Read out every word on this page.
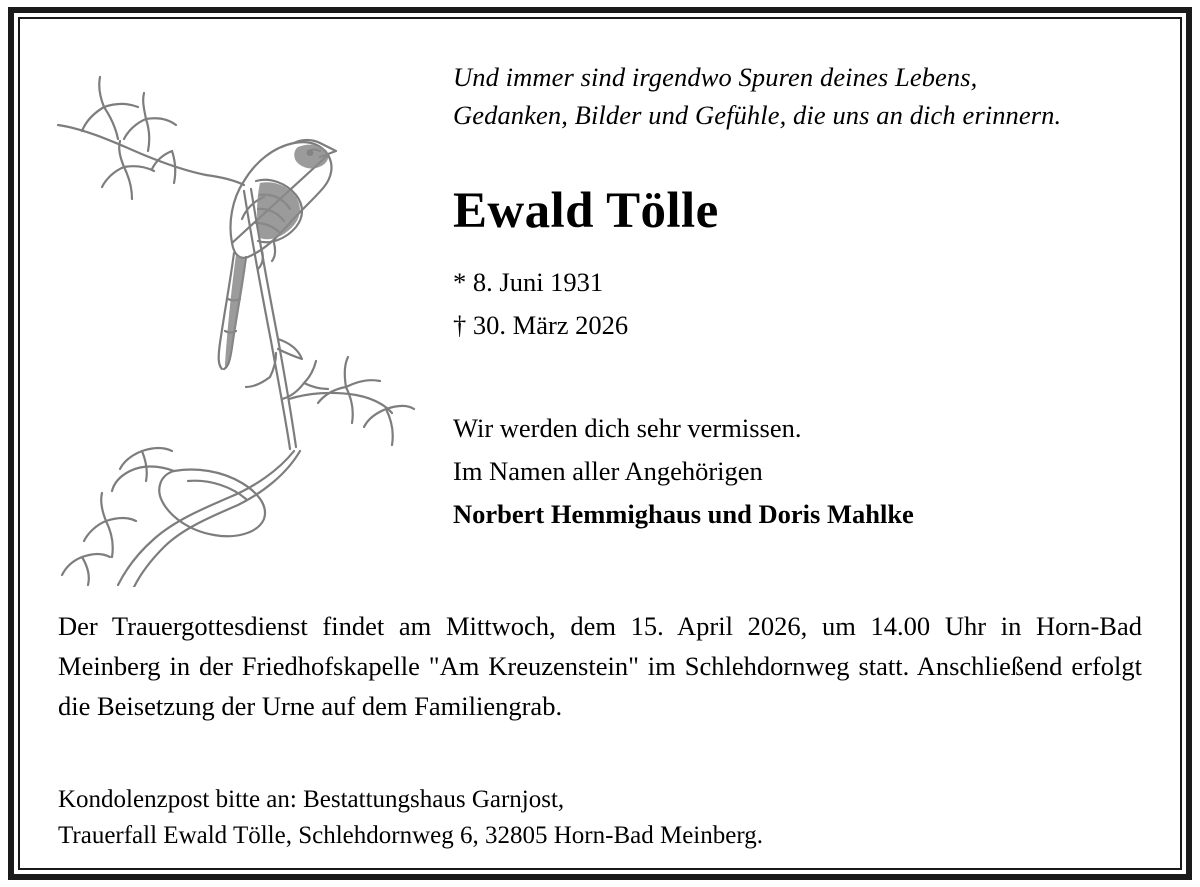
Und immer sind irgendwo Spuren deines Lebens,
Gedanken, Bilder und Gefühle, die uns an dich erinnern.
Ewald Tölle
* 8. Juni 1931
† 30. März 2026
Wir werden dich sehr vermissen.
Im Namen aller Angehörigen
Norbert Hemmighaus und Doris Mahlke
Der Trauergottesdienst findet am Mittwoch, dem 15. April 2026, um 14.00 Uhr in Horn-Bad Meinberg in der Friedhofskapelle "Am Kreuzenstein" im Schlehdornweg statt. Anschließend erfolgt die Beisetzung der Urne auf dem Familiengrab.
Kondolenzpost bitte an: Bestattungshaus Garnjost,
Trauerfall Ewald Tölle, Schlehdornweg 6, 32805 Horn-Bad Meinberg.
